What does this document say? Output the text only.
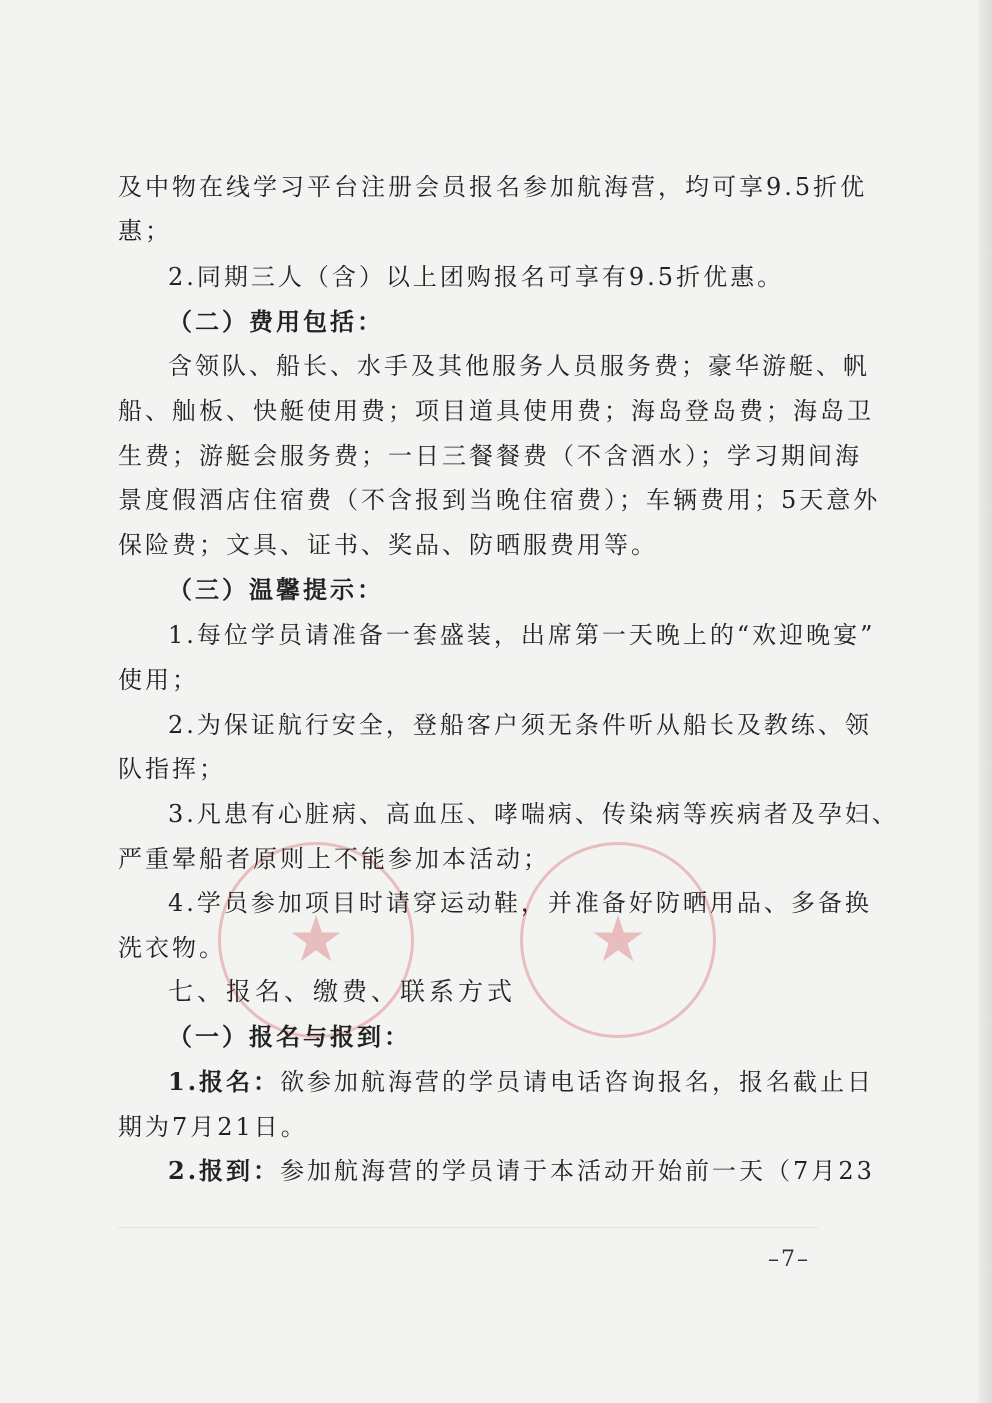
★	★
及中物在线学习平台注册会员报名参加航海营，均可享9.5折优
惠；
2.同期三人（含）以上团购报名可享有9.5折优惠。
（二）费用包括：
含领队、船长、水手及其他服务人员服务费；豪华游艇、帆
船、舢板、快艇使用费；项目道具使用费；海岛登岛费；海岛卫
生费；游艇会服务费；一日三餐餐费（不含酒水）；学习期间海
景度假酒店住宿费（不含报到当晚住宿费）；车辆费用；5天意外
保险费；文具、证书、奖品、防晒服费用等。
（三）温馨提示：
1.每位学员请准备一套盛装，出席第一天晚上的“欢迎晚宴”
使用；
2.为保证航行安全，登船客户须无条件听从船长及教练、领
队指挥；
3.凡患有心脏病、高血压、哮喘病、传染病等疾病者及孕妇、
严重晕船者原则上不能参加本活动；
4.学员参加项目时请穿运动鞋，并准备好防晒用品、多备换
洗衣物。
七、报名、缴费、联系方式
（一）报名与报到：
1.报名：欲参加航海营的学员请电话咨询报名，报名截止日
期为7月21日。
2.报到：参加航海营的学员请于本活动开始前一天（7月23
–7–
